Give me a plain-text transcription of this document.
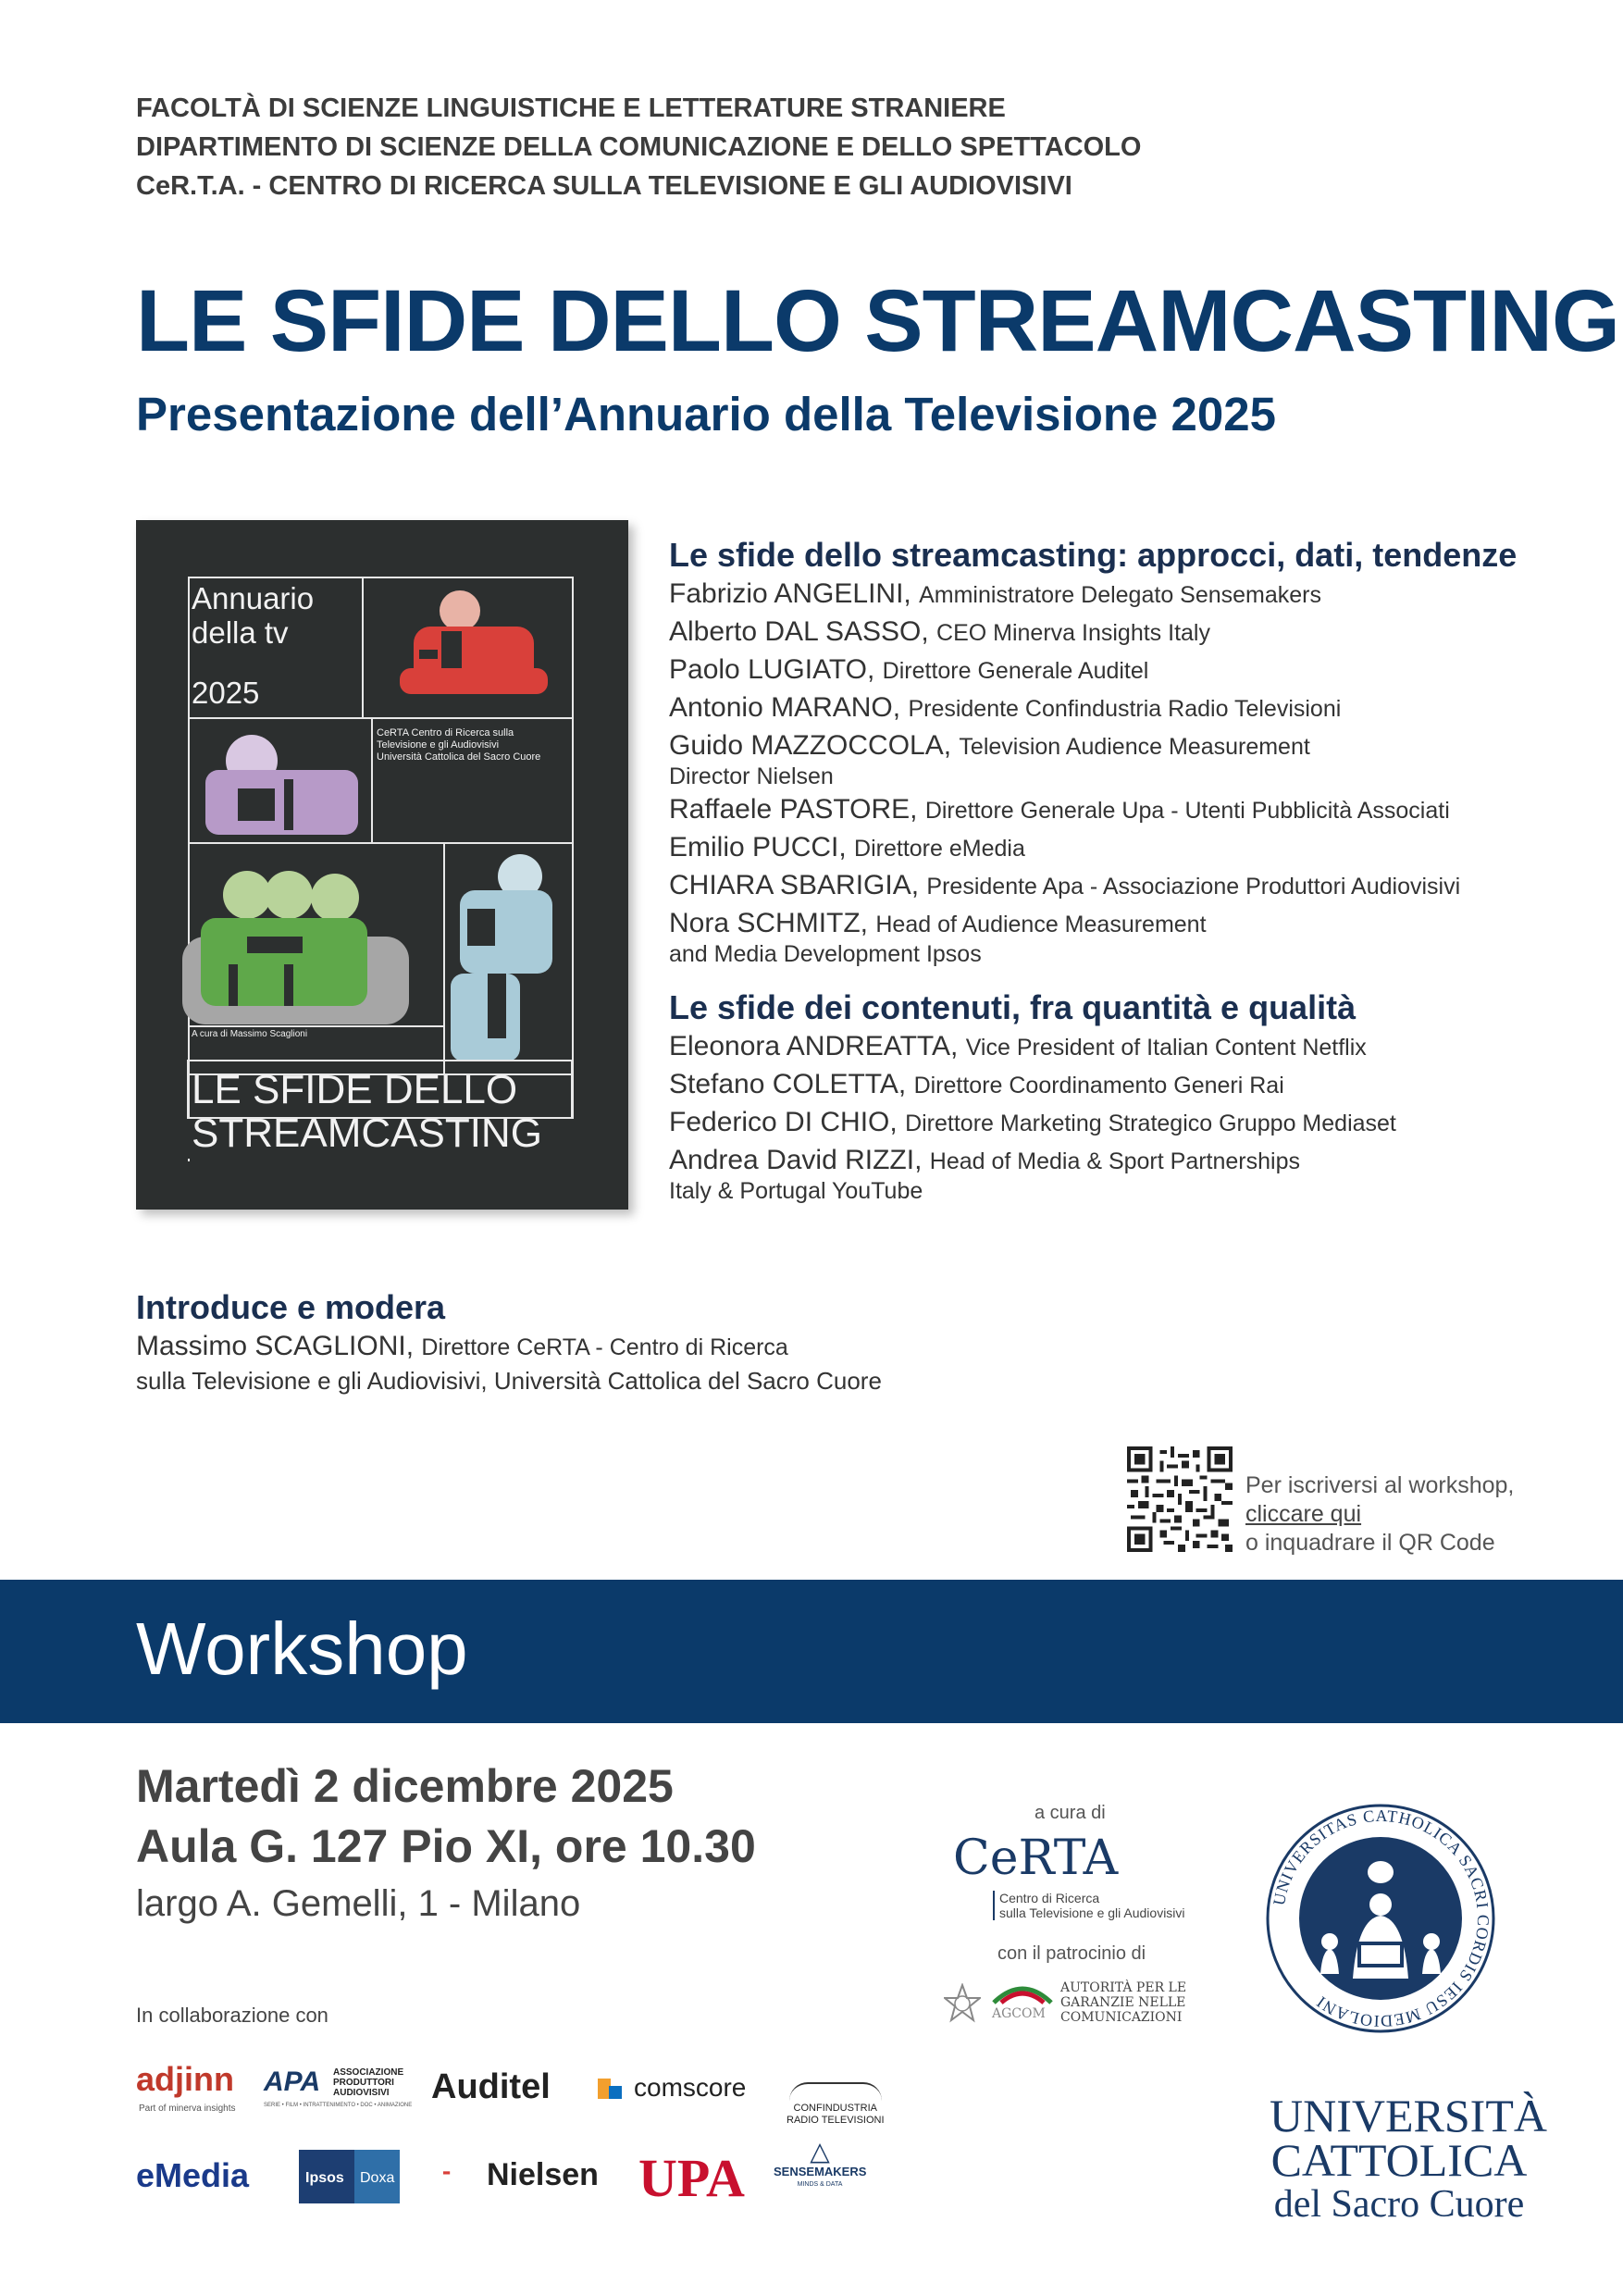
FACOLTÀ DI SCIENZE LINGUISTICHE E LETTERATURE STRANIERE
DIPARTIMENTO DI SCIENZE DELLA COMUNICAZIONE E DELLO SPETTACOLO
CeR.T.A. - CENTRO DI RICERCA SULLA TELEVISIONE E GLI AUDIOVISIVI
LE SFIDE DELLO STREAMCASTING
Presentazione dell’Annuario della Televisione 2025
Annuario
della tv
2025
CeRTA Centro di Ricerca sulla
Televisione e gli Audiovisivi
Università Cattolica del Sacro Cuore
A cura di Massimo Scaglioni
LE SFIDE DELLO
STREAMCASTING
Le sfide dello streamcasting: approcci, dati, tendenze
Fabrizio ANGELINI, Amministratore Delegato Sensemakers
Alberto DAL SASSO, CEO Minerva Insights Italy
Paolo LUGIATO, Direttore Generale Auditel
Antonio MARANO, Presidente Confindustria Radio Televisioni
Guido MAZZOCCOLA, Television Audience Measurement
Director Nielsen
Raffaele PASTORE, Direttore Generale Upa - Utenti Pubblicità Associati
Emilio PUCCI, Direttore eMedia
CHIARA SBARIGIA, Presidente Apa - Associazione Produttori Audiovisivi
Nora SCHMITZ, Head of Audience Measurement
and Media Development Ipsos
Le sfide dei contenuti, fra quantità e qualità
Eleonora ANDREATTA, Vice President of Italian Content Netflix
Stefano COLETTA, Direttore Coordinamento Generi Rai
Federico DI CHIO, Direttore Marketing Strategico Gruppo Mediaset
Andrea David RIZZI, Head of Media & Sport Partnerships
Italy & Portugal YouTube
Introduce e modera
Massimo SCAGLIONI, Direttore CeRTA - Centro di Ricerca
sulla Televisione e gli Audiovisivi, Università Cattolica del Sacro Cuore
Per iscriversi al workshop,
cliccare qui
o inquadrare il QR Code
Workshop
Martedì 2 dicembre 2025
Aula G. 127 Pio XI, ore 10.30
largo A. Gemelli, 1 - Milano
In collaborazione con
adjinn
Part of minerva insights
APA ASSOCIAZIONE
PRODUTTORI
AUDIOVISIVI
SERIE • FILM • INTRATTENIMENTO • DOC • ANIMAZIONE Auditel	comscore
CONFINDUSTRIA
RADIO TELEVISIONI
eMedia	Ipsos Doxa ⁃ Nielsen UPA	△
SENSEMAKERS
MINDS & DATA
a cura di
CeRTA
Centro di Ricerca
sulla Televisione e gli Audiovisivi
con il patrocinio di
AGCOM
AUTORITÀ PER LE
GARANZIE NELLE
COMUNICAZIONI
UNIVERSITAS CATHOLICA SACRI CORDIS IESU MEDIOLANI
UNIVERSITÀ
CATTOLICA
del Sacro Cuore
